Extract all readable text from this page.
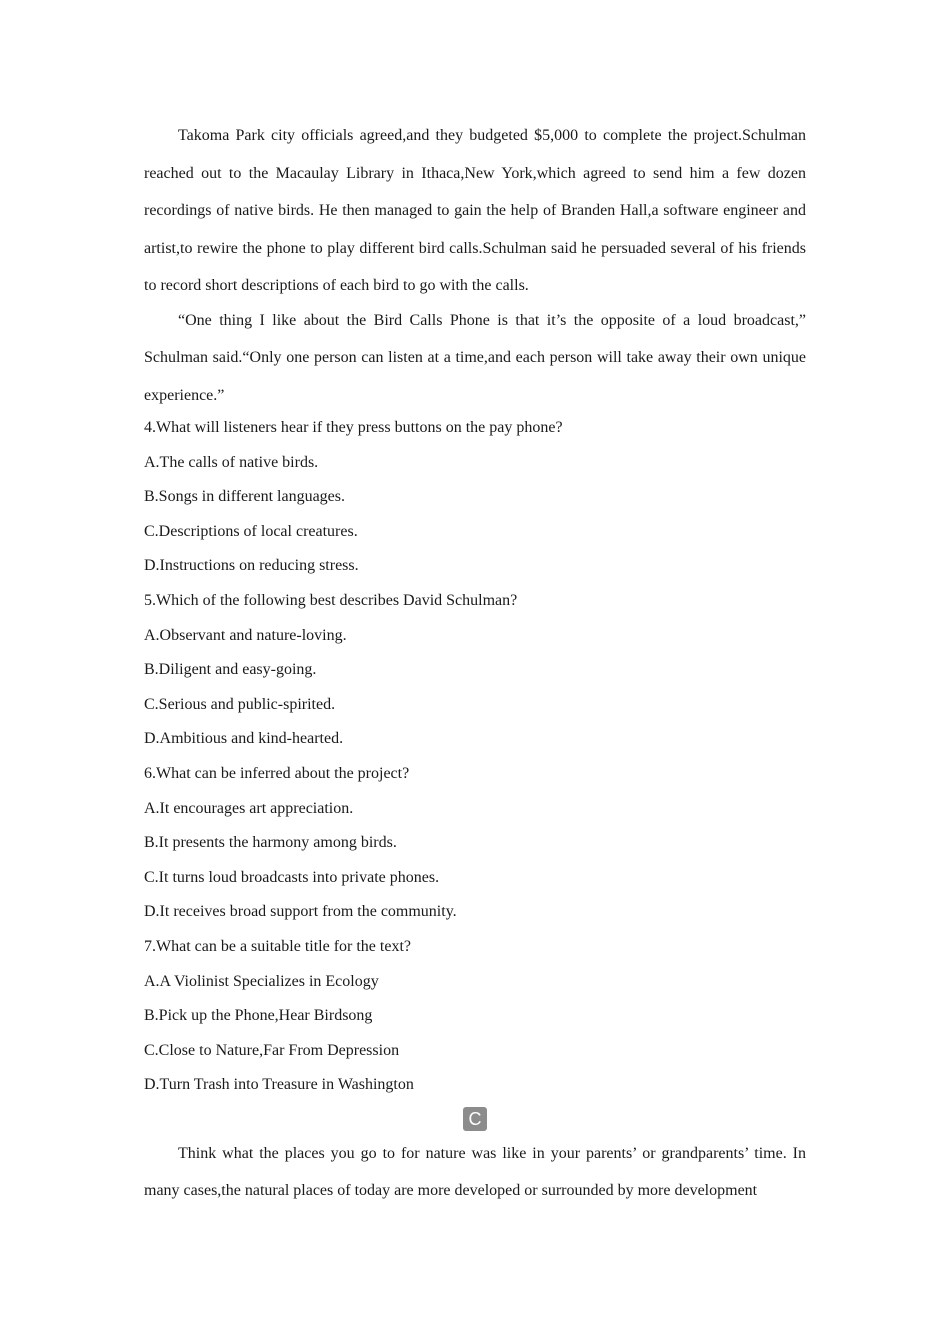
Takoma Park city officials agreed,and they budgeted $5,000 to complete the project.Schulman reached out to the Macaulay Library in Ithaca,New York,which agreed to send him a few dozen recordings of native birds. He then managed to gain the help of Branden Hall,a software engineer and artist,to rewire the phone to play different bird calls.Schulman said he persuaded several of his friends to record short descriptions of each bird to go with the calls.

“One thing I like about the Bird Calls Phone is that it’s the opposite of a loud broadcast,” Schulman said.“Only one person can listen at a time,and each person will take away their own unique experience.”

4.What will listeners hear if they press buttons on the pay phone?

A.The calls of native birds.

B.Songs in different languages.

C.Descriptions of local creatures.

D.Instructions on reducing stress.

5.Which of the following best describes David Schulman?

A.Observant and nature-loving.

B.Diligent and easy-going.

C.Serious and public-spirited.

D.Ambitious and kind-hearted.

6.What can be inferred about the project?

A.It encourages art appreciation.

B.It presents the harmony among birds.

C.It turns loud broadcasts into private phones.

D.It receives broad support from the community.

7.What can be a suitable title for the text?

A.A Violinist Specializes in Ecology

B.Pick up the Phone,Hear Birdsong

C.Close to Nature,Far From Depression

D.Turn Trash into Treasure in Washington

C

Think what the places you go to for nature was like in your parents’ or grandparents’ time. In many cases,the natural places of today are more developed or surrounded by more development
